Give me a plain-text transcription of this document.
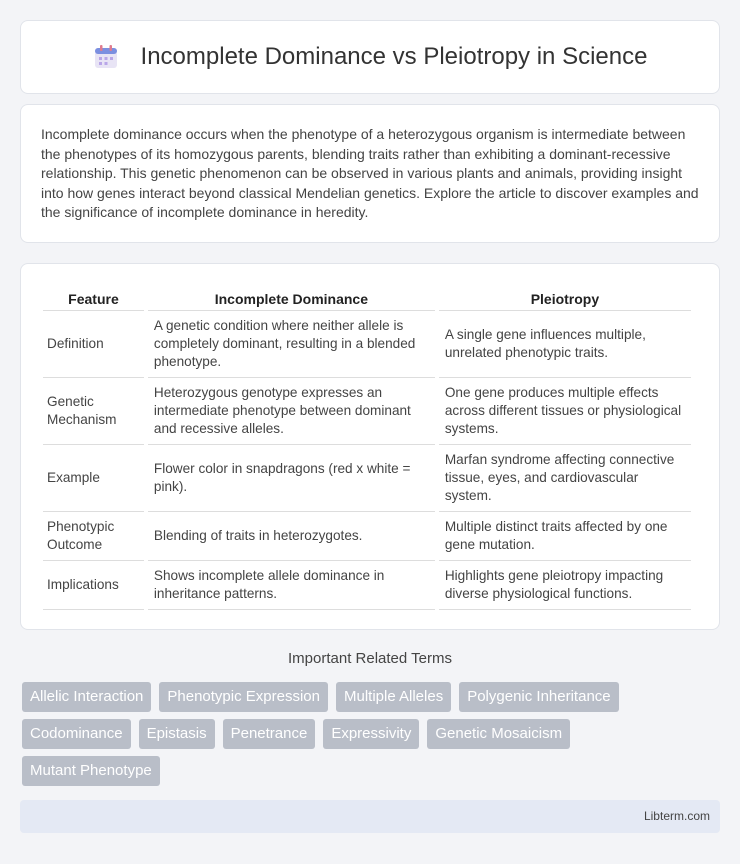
Incomplete Dominance vs Pleiotropy in Science

Incomplete dominance occurs when the phenotype of a heterozygous organism is intermediate between the phenotypes of its homozygous parents, blending traits rather than exhibiting a dominant-recessive relationship. This genetic phenomenon can be observed in various plants and animals, providing insight into how genes interact beyond classical Mendelian genetics. Explore the article to discover examples and the significance of incomplete dominance in heredity.

Feature	Incomplete Dominance	Pleiotropy
Definition	A genetic condition where neither allele is completely dominant, resulting in a blended phenotype.	A single gene influences multiple, unrelated phenotypic traits.
Genetic Mechanism	Heterozygous genotype expresses an intermediate phenotype between dominant and recessive alleles.	One gene produces multiple effects across different tissues or physiological systems.
Example	Flower color in snapdragons (red x white = pink).	Marfan syndrome affecting connective tissue, eyes, and cardiovascular system.
Phenotypic Outcome	Blending of traits in heterozygotes.	Multiple distinct traits affected by one gene mutation.
Implications	Shows incomplete allele dominance in inheritance patterns.	Highlights gene pleiotropy impacting diverse physiological functions.
Important Related Terms
Allelic Interaction	Phenotypic Expression	Multiple Alleles	Polygenic Inheritance
Codominance	Epistasis	Penetrance	Expressivity	Genetic Mosaicism
Mutant Phenotype
Libterm.com
